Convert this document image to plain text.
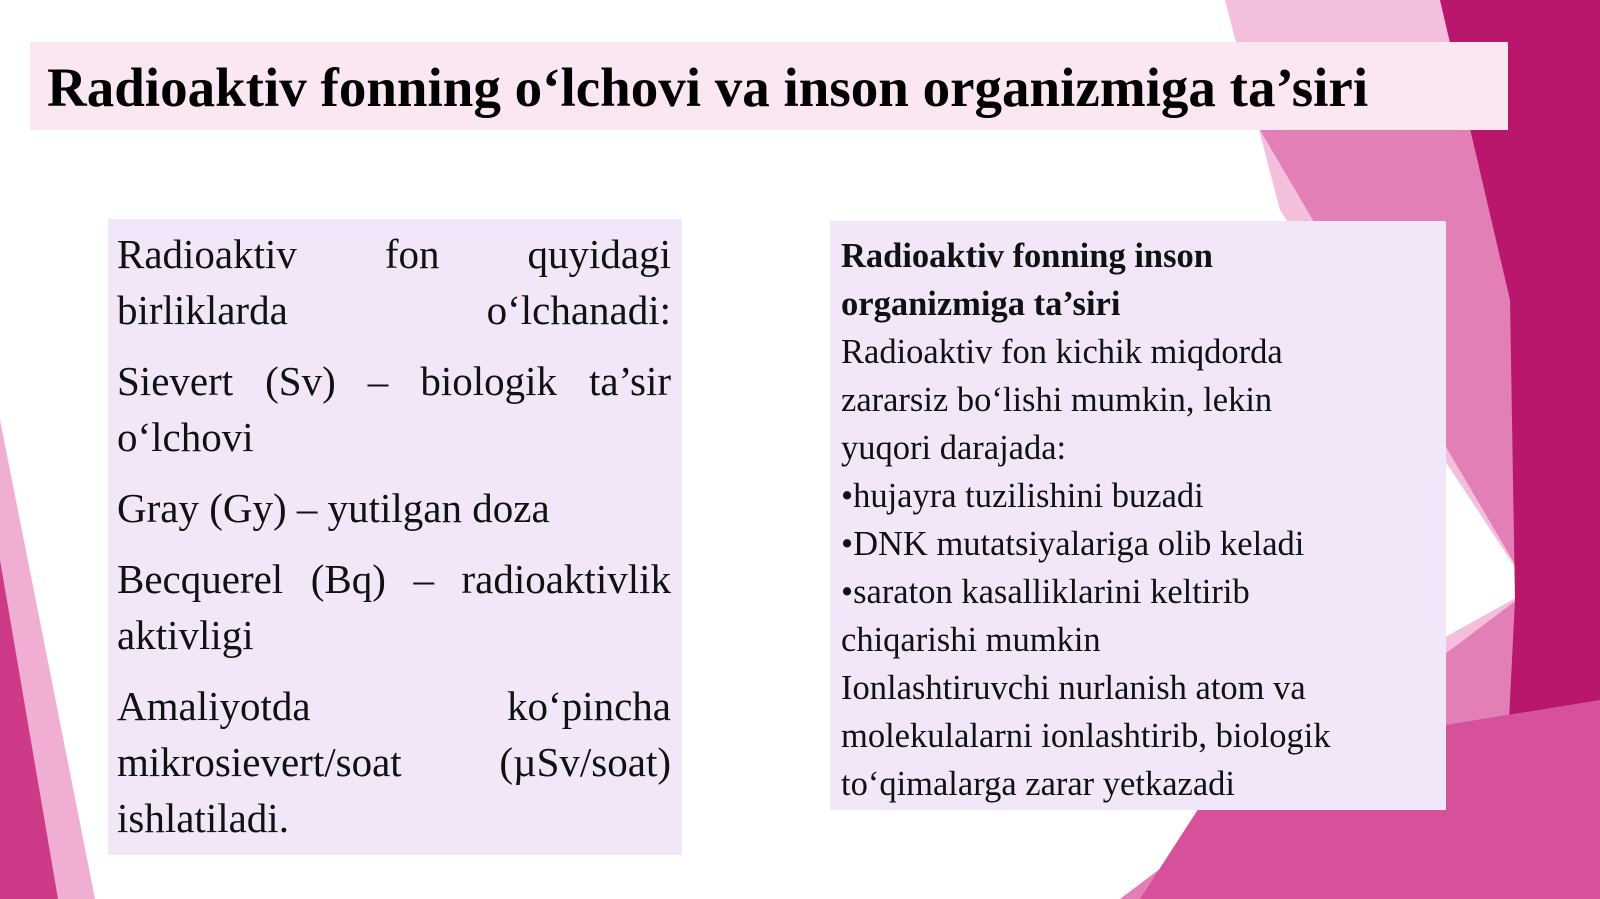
Radioaktiv fonning o‘lchovi va inson organizmiga ta’siri

Radioaktiv fon quyidagi birliklarda o‘lchanadi:

Sievert (Sv) – biologik ta’sir o‘lchovi

Gray (Gy) – yutilgan doza

Becquerel (Bq) – radioaktivlik aktivligi

Amaliyotda ko‘pincha mikrosievert/soat (µSv/soat) ishlatiladi.

Radioaktiv fonning inson
organizmiga ta’siri
Radioaktiv fon kichik miqdorda
zararsiz bo‘lishi mumkin, lekin
yuqori darajada:
•hujayra tuzilishini buzadi
•DNK mutatsiyalariga olib keladi
•saraton kasalliklarini keltirib
chiqarishi mumkin
Ionlashtiruvchi nurlanish atom va
molekulalarni ionlashtirib, biologik
to‘qimalarga zarar yetkazadi
